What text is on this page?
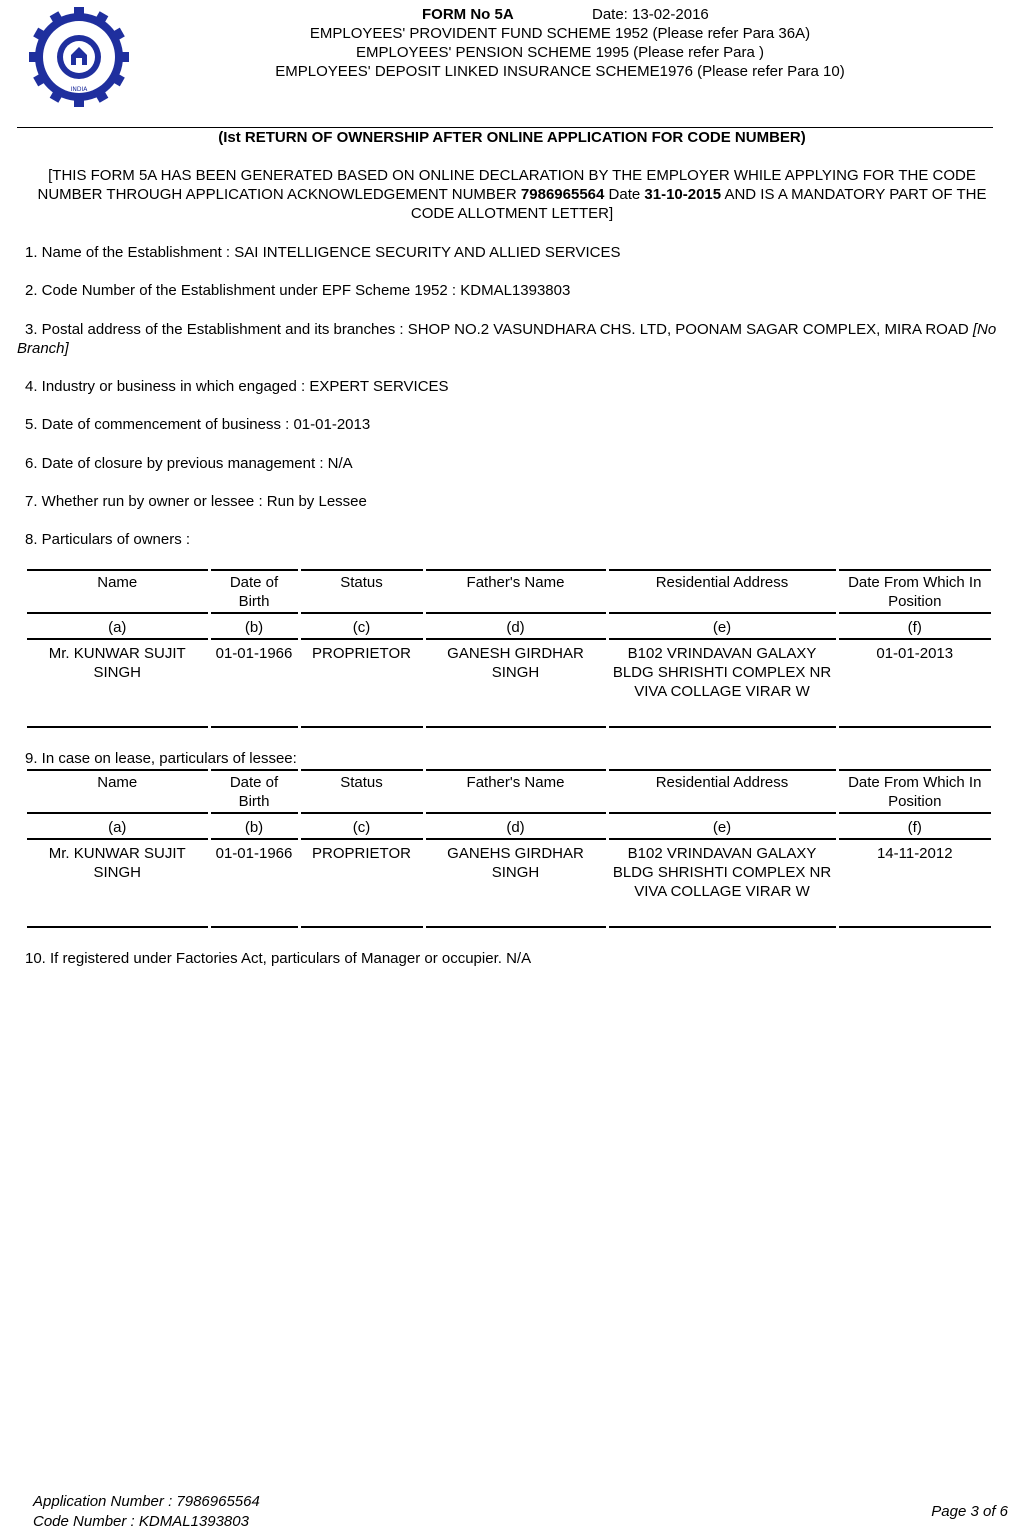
INDIA
भारत
FORM No 5A	Date: 13-02-2016
EMPLOYEES' PROVIDENT FUND SCHEME 1952 (Please refer Para 36A)
EMPLOYEES' PENSION SCHEME 1995 (Please refer Para )
EMPLOYEES' DEPOSIT LINKED INSURANCE SCHEME1976 (Please refer Para 10)
(Ist RETURN OF OWNERSHIP AFTER ONLINE APPLICATION FOR CODE NUMBER)
[THIS FORM 5A HAS BEEN GENERATED BASED ON ONLINE DECLARATION BY THE EMPLOYER WHILE APPLYING FOR THE CODE NUMBER THROUGH APPLICATION ACKNOWLEDGEMENT NUMBER 7986965564 Date 31-10-2015 AND IS A MANDATORY PART OF THE CODE ALLOTMENT LETTER]
1. Name of the Establishment : SAI INTELLIGENCE SECURITY AND ALLIED SERVICES
2. Code Number of the Establishment under EPF Scheme 1952 : KDMAL1393803
3. Postal address of the Establishment and its branches : SHOP NO.2 VASUNDHARA CHS. LTD, POONAM SAGAR COMPLEX, MIRA ROAD [No Branch]
4. Industry or business in which engaged : EXPERT SERVICES
5. Date of commencement of business : 01-01-2013
6. Date of closure by previous management : N/A
7. Whether run by owner or lessee : Run by Lessee
8. Particulars of owners :
Name	Date of Birth	Status	Father's Name	Residential Address	Date From Which In Position
(a)	(b)	(c)	(d)	(e)	(f)
Mr. KUNWAR SUJIT SINGH	01-01-1966	PROPRIETOR	GANESH GIRDHAR SINGH	B102 VRINDAVAN GALAXY BLDG SHRISHTI COMPLEX NR VIVA COLLAGE VIRAR W	01-01-2013
9. In case on lease, particulars of lessee:
Name	Date of Birth	Status	Father's Name	Residential Address	Date From Which In Position
(a)	(b)	(c)	(d)	(e)	(f)
Mr. KUNWAR SUJIT SINGH	01-01-1966	PROPRIETOR	GANEHS GIRDHAR SINGH	B102 VRINDAVAN GALAXY BLDG SHRISHTI COMPLEX NR VIVA COLLAGE VIRAR W	14-11-2012
10. If registered under Factories Act, particulars of Manager or occupier. N/A
Application Number : 7986965564
Code Number : KDMAL1393803
Page 3 of 6
